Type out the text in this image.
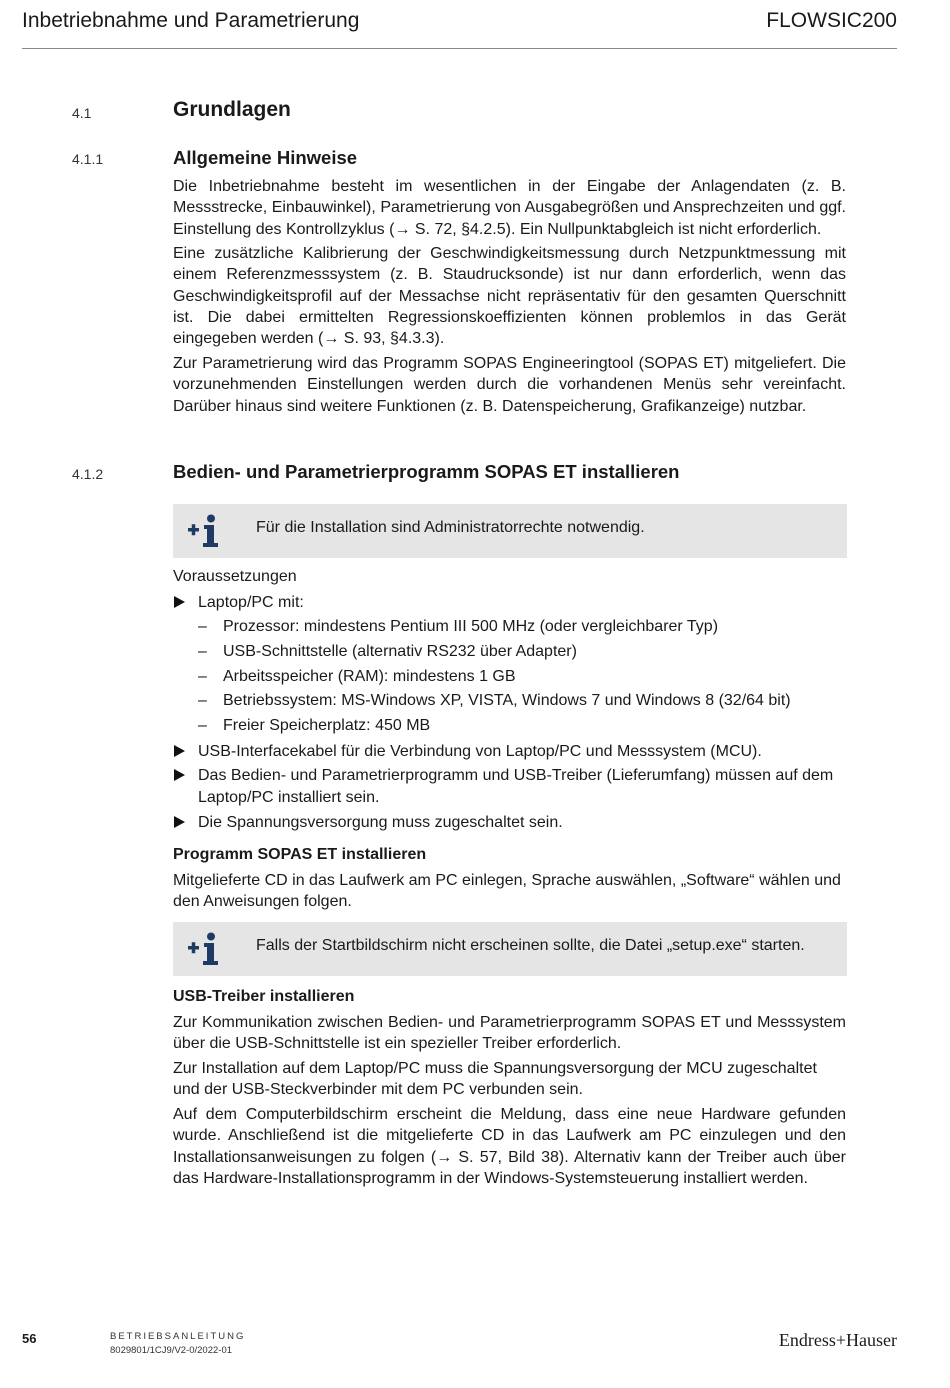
Inbetriebnahme und Parametrierung	FLOWSIC200
4.1	Grundlagen
4.1.1	Allgemeine Hinweise

Die Inbetriebnahme besteht im wesentlichen in der Eingabe der Anlagendaten (z. B. Messstrecke, Einbauwinkel), Parametrierung von Ausgabegrößen und Ansprechzeiten und ggf. Einstellung des Kontrollzyklus (→ S. 72, §4.2.5). Ein Nullpunktabgleich ist nicht erforderlich.

Eine zusätzliche Kalibrierung der Geschwindigkeitsmessung durch Netzpunktmessung mit einem Referenzmesssystem (z. B. Staudrucksonde) ist nur dann erforderlich, wenn das Geschwindigkeitsprofil auf der Messachse nicht repräsentativ für den gesamten Querschnitt ist. Die dabei ermittelten Regressionskoeffizienten können problemlos in das Gerät eingegeben werden (→ S. 93, §4.3.3).

Zur Parametrierung wird das Programm SOPAS Engineeringtool (SOPAS ET) mitgeliefert. Die vorzunehmenden Einstellungen werden durch die vorhandenen Menüs sehr vereinfacht. Darüber hinaus sind weitere Funktionen (z. B. Datenspeicherung, Grafikanzeige) nutzbar.

4.1.2	Bedien- und Parametrierprogramm SOPAS ET installieren
Für die Installation sind Administratorrechte notwendig.
Voraussetzungen
Laptop/PC mit:
– Prozessor: mindestens Pentium III 500 MHz (oder vergleichbarer Typ)
– USB-Schnittstelle (alternativ RS232 über Adapter)
– Arbeitsspeicher (RAM): mindestens 1 GB
– Betriebssystem: MS-Windows XP, VISTA, Windows 7 und Windows 8 (32/64 bit)
– Freier Speicherplatz: 450 MB
USB-Interfacekabel für die Verbindung von Laptop/PC und Messsystem (MCU).
Das Bedien- und Parametrierprogramm und USB-Treiber (Lieferumfang) müssen auf dem Laptop/PC installiert sein.
Die Spannungsversorgung muss zugeschaltet sein.
Programm SOPAS ET installieren

Mitgelieferte CD in das Laufwerk am PC einlegen, Sprache auswählen, „Software“ wählen und den Anweisungen folgen.

Falls der Startbildschirm nicht erscheinen sollte, die Datei „setup.exe“ starten.
USB-Treiber installieren

Zur Kommunikation zwischen Bedien- und Parametrierprogramm SOPAS ET und Messsystem über die USB-Schnittstelle ist ein spezieller Treiber erforderlich.

Zur Installation auf dem Laptop/PC muss die Spannungsversorgung der MCU zugeschaltet und der USB-Steckverbinder mit dem PC verbunden sein.

Auf dem Computerbildschirm erscheint die Meldung, dass eine neue Hardware gefunden wurde. Anschließend ist die mitgelieferte CD in das Laufwerk am PC einzulegen und den Installationsanweisungen zu folgen (→ S. 57, Bild 38). Alternativ kann der Treiber auch über das Hardware-Installationsprogramm in der Windows-Systemsteuerung installiert werden.

56	BETRIEBSANLEITUNG
8029801/1CJ9/V2-0/2022-01
Endress+Hauser
